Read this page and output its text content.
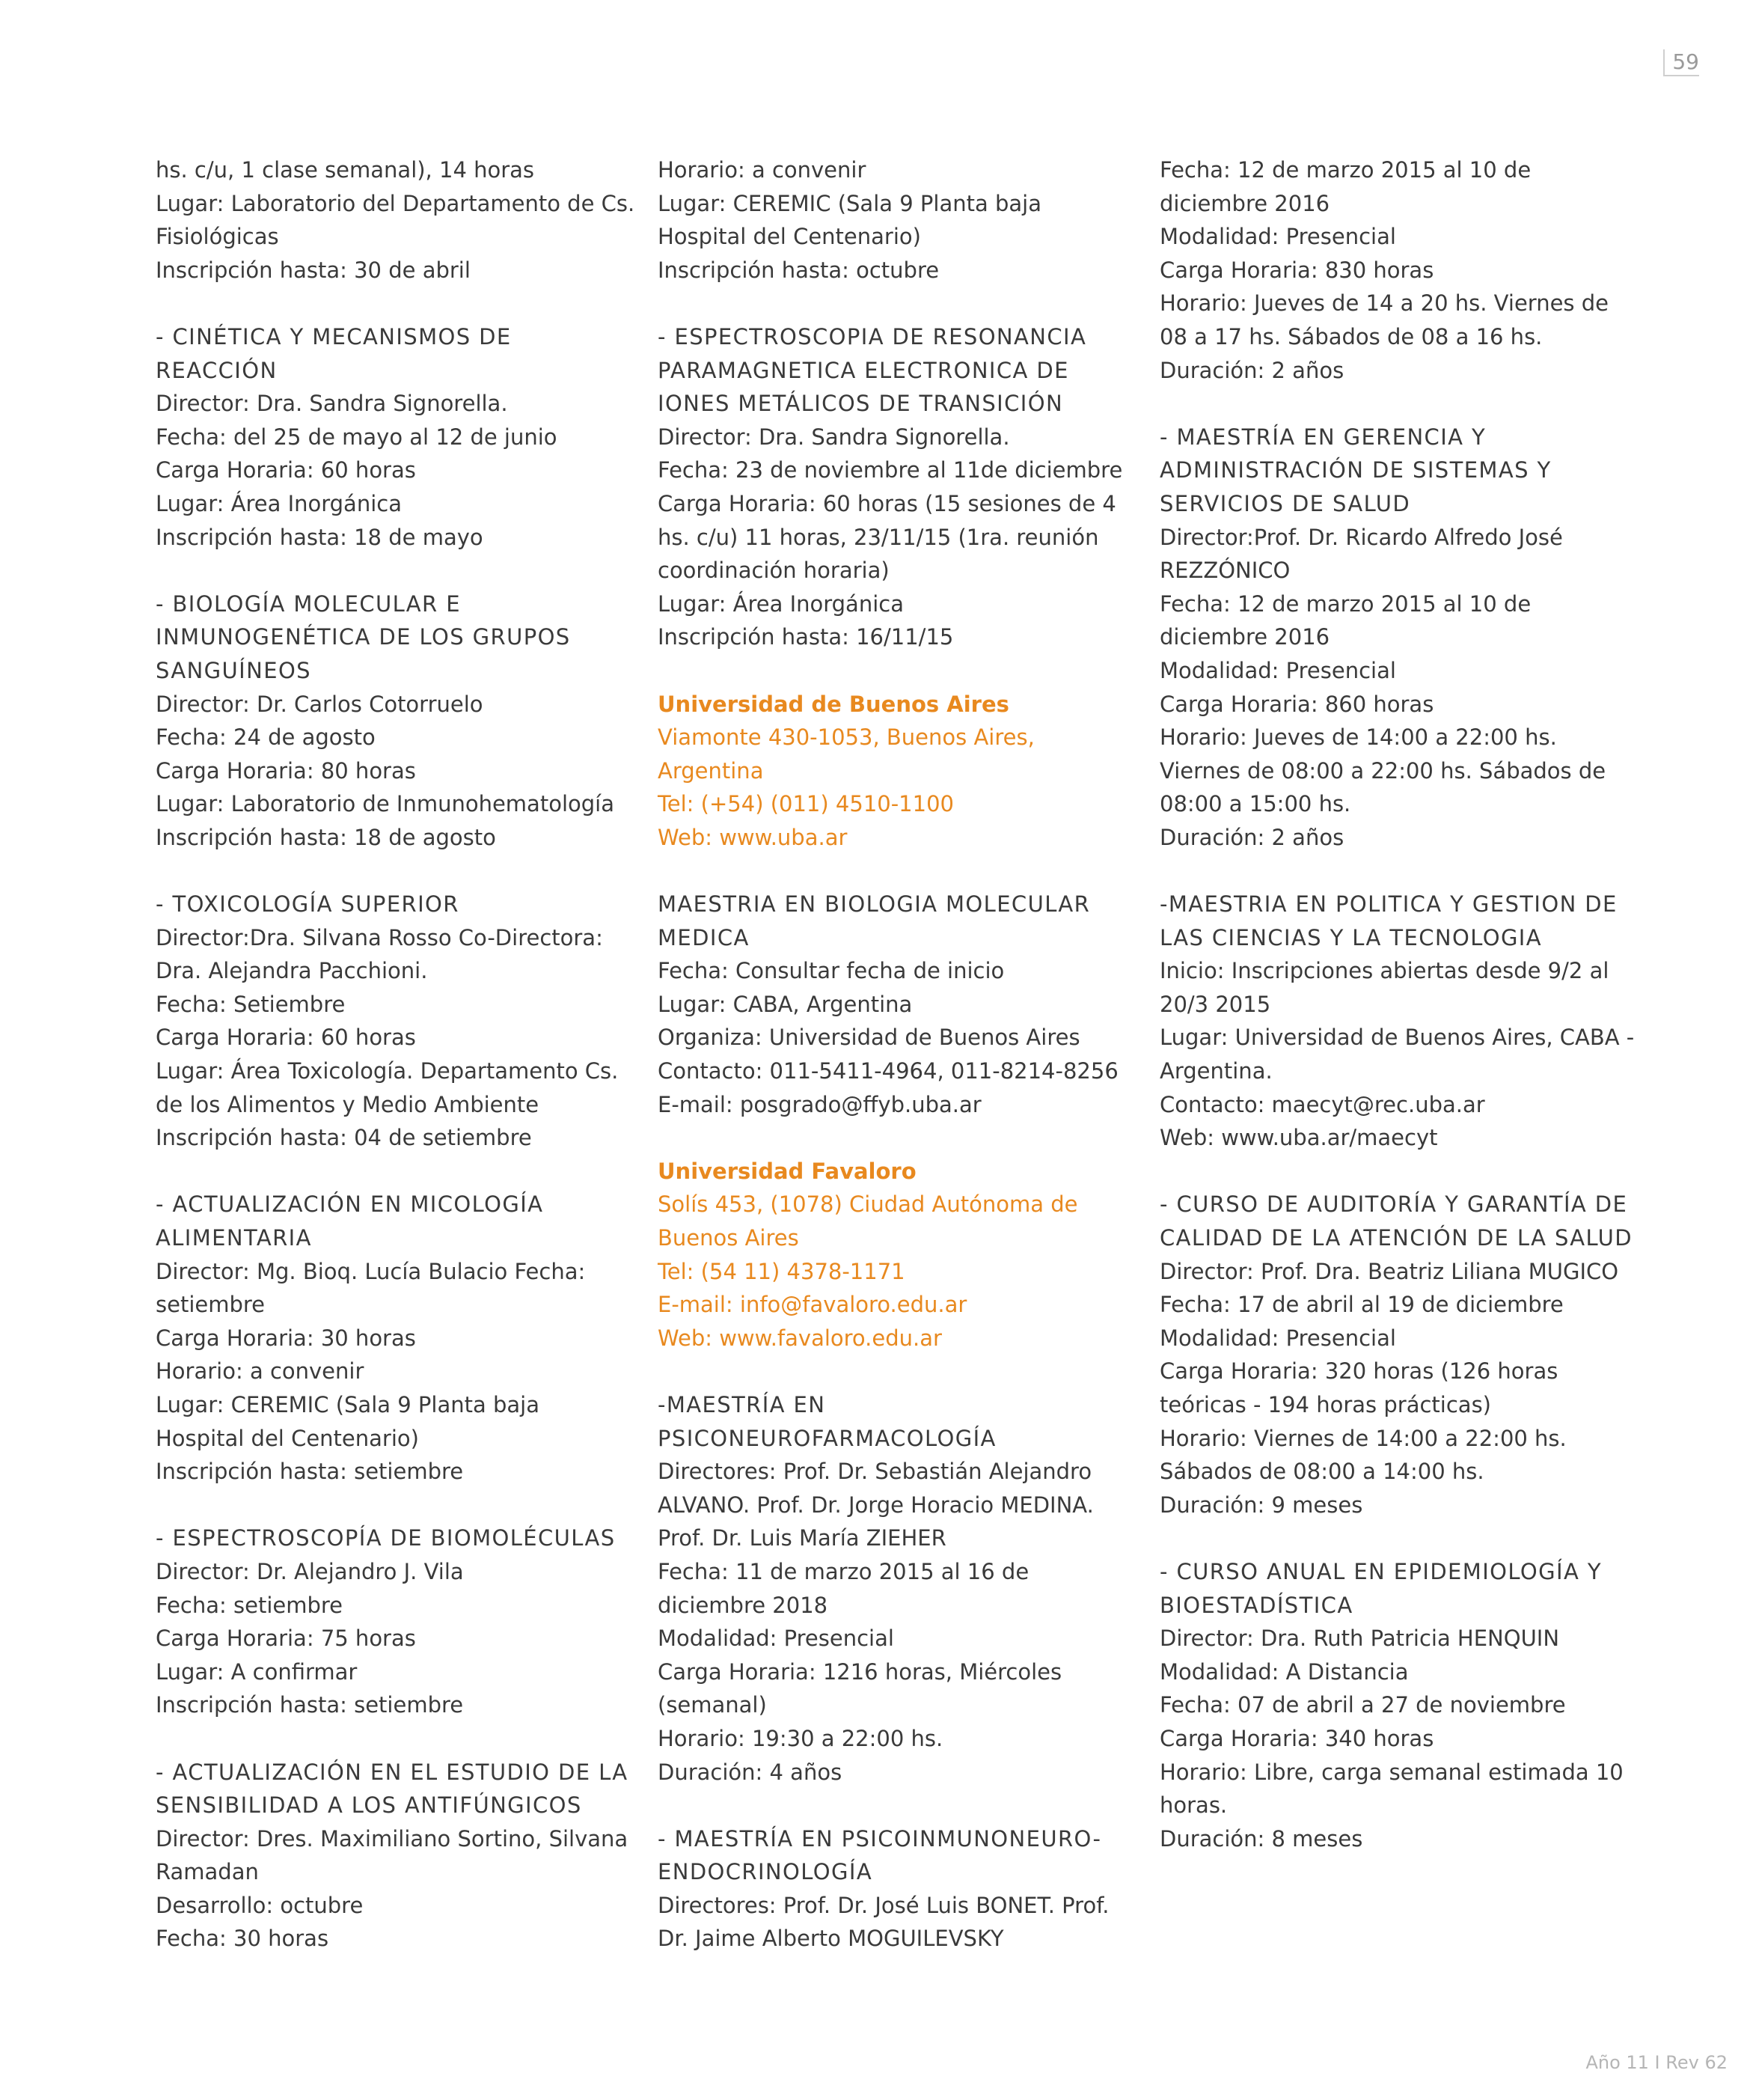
59
hs. c/u, 1 clase semanal), 14 horas
Lugar: Laboratorio del Departamento de Cs.
Fisiológicas
Inscripción hasta: 30 de abril
- CINÉTICA Y MECANISMOS DE
REACCIÓN
Director: Dra. Sandra Signorella.
Fecha: del 25 de mayo al 12 de junio
Carga Horaria: 60 horas
Lugar: Área Inorgánica
Inscripción hasta: 18 de mayo
- BIOLOGÍA MOLECULAR E
INMUNOGENÉTICA DE LOS GRUPOS
SANGUÍNEOS
Director: Dr. Carlos Cotorruelo
Fecha: 24 de agosto
Carga Horaria: 80 horas
Lugar: Laboratorio de Inmunohematología
Inscripción hasta: 18 de agosto
- TOXICOLOGÍA SUPERIOR
Director:Dra. Silvana Rosso Co-Directora:
Dra. Alejandra Pacchioni.
Fecha: Setiembre
Carga Horaria: 60 horas
Lugar: Área Toxicología. Departamento Cs.
de los Alimentos y Medio Ambiente
Inscripción hasta: 04 de setiembre
- ACTUALIZACIÓN EN MICOLOGÍA
ALIMENTARIA
Director: Mg. Bioq. Lucía Bulacio Fecha:
setiembre
Carga Horaria: 30 horas
Horario: a convenir
Lugar: CEREMIC (Sala 9 Planta baja
Hospital del Centenario)
Inscripción hasta: setiembre
- ESPECTROSCOPÍA DE BIOMOLÉCULAS
Director: Dr. Alejandro J. Vila
Fecha: setiembre
Carga Horaria: 75 horas
Lugar: A confirmar
Inscripción hasta: setiembre
- ACTUALIZACIÓN EN EL ESTUDIO DE LA
SENSIBILIDAD A LOS ANTIFÚNGICOS
Director: Dres. Maximiliano Sortino, Silvana
Ramadan
Desarrollo: octubre
Fecha: 30 horas
Horario: a convenir
Lugar: CEREMIC (Sala 9 Planta baja
Hospital del Centenario)
Inscripción hasta: octubre
- ESPECTROSCOPIA DE RESONANCIA
PARAMAGNETICA ELECTRONICA DE
IONES METÁLICOS DE TRANSICIÓN
Director: Dra. Sandra Signorella.
Fecha: 23 de noviembre al 11de diciembre
Carga Horaria: 60 horas (15 sesiones de 4
hs. c/u) 11 horas, 23/11/15 (1ra. reunión
coordinación horaria)
Lugar: Área Inorgánica
Inscripción hasta: 16/11/15
Universidad de Buenos Aires
Viamonte 430-1053, Buenos Aires,
Argentina
Tel: (+54) (011) 4510-1100
Web: www.uba.ar
MAESTRIA EN BIOLOGIA MOLECULAR
MEDICA
Fecha: Consultar fecha de inicio
Lugar: CABA, Argentina
Organiza: Universidad de Buenos Aires
Contacto: 011-5411-4964, 011-8214-8256
E-mail: posgrado@ffyb.uba.ar
Universidad Favaloro
Solís 453, (1078) Ciudad Autónoma de
Buenos Aires
Tel: (54 11) 4378-1171
E-mail: info@favaloro.edu.ar
Web: www.favaloro.edu.ar
-MAESTRÍA EN
PSICONEUROFARMACOLOGÍA
Directores: Prof. Dr. Sebastián Alejandro
ALVANO. Prof. Dr. Jorge Horacio MEDINA.
Prof. Dr. Luis María ZIEHER
Fecha: 11 de marzo 2015 al 16 de
diciembre 2018
Modalidad: Presencial
Carga Horaria: 1216 horas, Miércoles
(semanal)
Horario: 19:30 a 22:00 hs.
Duración: 4 años
- MAESTRÍA EN PSICOINMUNONEURO-
ENDOCRINOLOGÍA
Directores: Prof. Dr. José Luis BONET. Prof.
Dr. Jaime Alberto MOGUILEVSKY
Fecha: 12 de marzo 2015 al 10 de
diciembre 2016
Modalidad: Presencial
Carga Horaria: 830 horas
Horario: Jueves de 14 a 20 hs. Viernes de
08 a 17 hs. Sábados de 08 a 16 hs.
Duración: 2 años
- MAESTRÍA EN GERENCIA Y
ADMINISTRACIÓN DE SISTEMAS Y
SERVICIOS DE SALUD
Director:Prof. Dr. Ricardo Alfredo José
REZZÓNICO
Fecha: 12 de marzo 2015 al 10 de
diciembre 2016
Modalidad: Presencial
Carga Horaria: 860 horas
Horario: Jueves de 14:00 a 22:00 hs.
Viernes de 08:00 a 22:00 hs. Sábados de
08:00 a 15:00 hs.
Duración: 2 años
-MAESTRIA EN POLITICA Y GESTION DE
LAS CIENCIAS Y LA TECNOLOGIA
Inicio: Inscripciones abiertas desde 9/2 al
20/3 2015
Lugar: Universidad de Buenos Aires, CABA -
Argentina.
Contacto: maecyt@rec.uba.ar
Web: www.uba.ar/maecyt
- CURSO DE AUDITORÍA Y GARANTÍA DE
CALIDAD DE LA ATENCIÓN DE LA SALUD
Director: Prof. Dra. Beatriz Liliana MUGICO
Fecha: 17 de abril al 19 de diciembre
Modalidad: Presencial
Carga Horaria: 320 horas (126 horas
teóricas - 194 horas prácticas)
Horario: Viernes de 14:00 a 22:00 hs.
Sábados de 08:00 a 14:00 hs.
Duración: 9 meses
- CURSO ANUAL EN EPIDEMIOLOGÍA Y
BIOESTADÍSTICA
Director: Dra. Ruth Patricia HENQUIN
Modalidad: A Distancia
Fecha: 07 de abril a 27 de noviembre
Carga Horaria: 340 horas
Horario: Libre, carga semanal estimada 10
horas.
Duración: 8 meses
Año 11 I Rev 62
